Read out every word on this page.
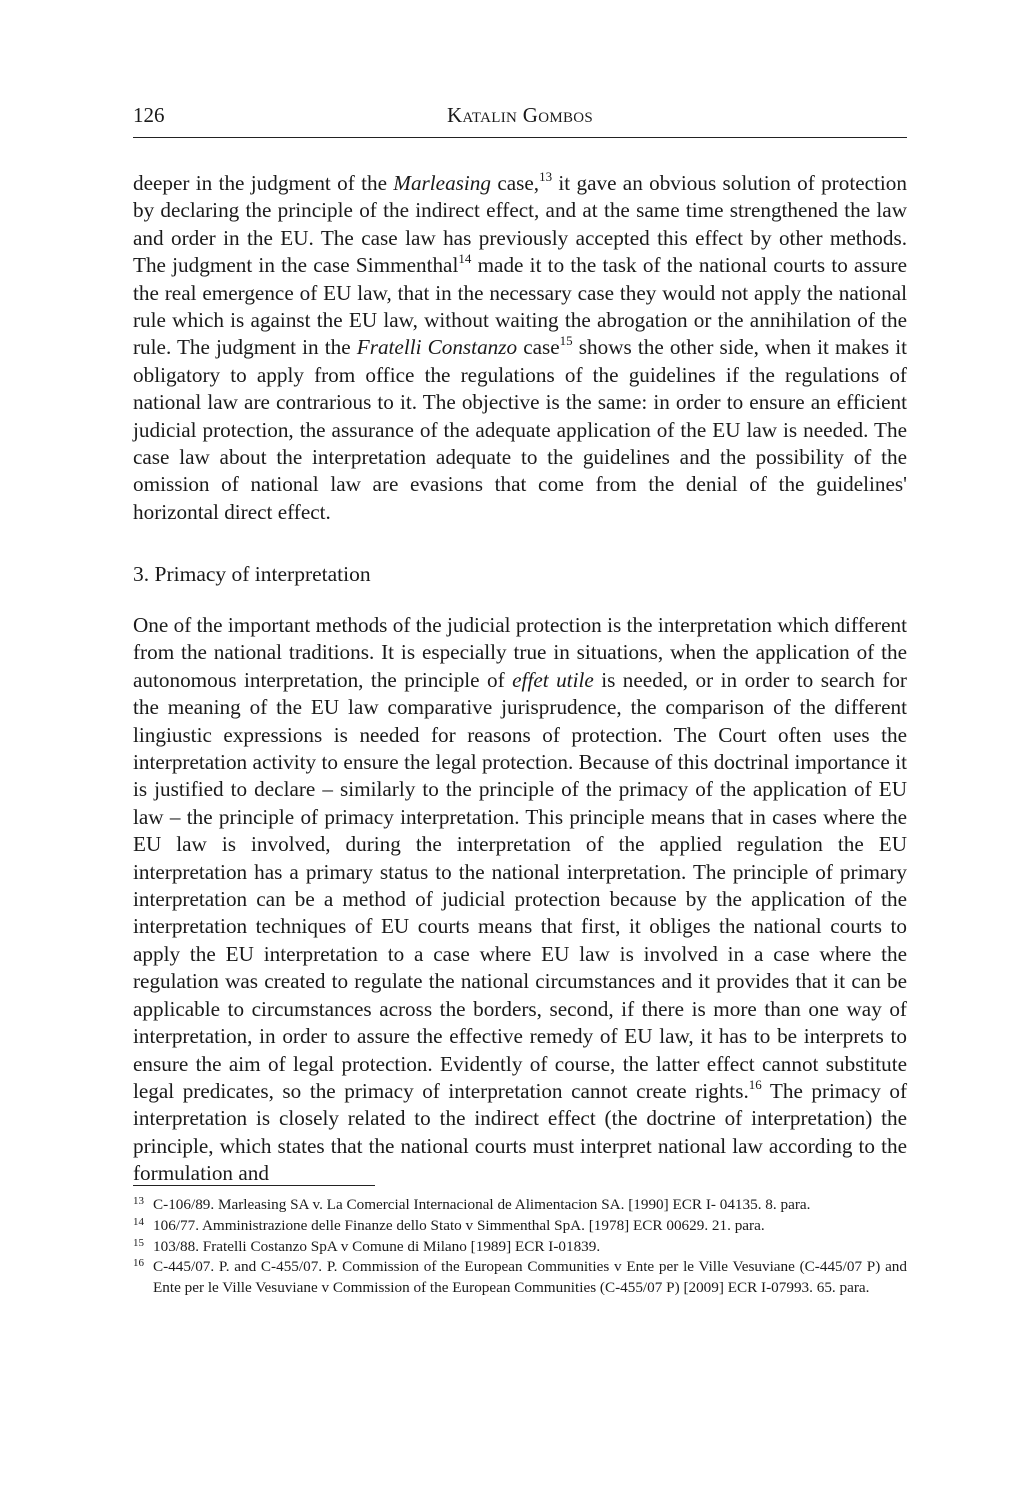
126	Katalin Gombos

deeper in the judgment of the Marleasing case,$^{13}$ it gave an obvious solution of protection by declaring the principle of the indirect effect, and at the same time strengthened the law and order in the EU. The case law has previously accepted this effect by other methods. The judgment in the case Simmenthal$^{14}$ made it to the task of the national courts to assure the real emergence of EU law, that in the necessary case they would not apply the national rule which is against the EU law, without waiting the abrogation or the annihilation of the rule. The judgment in the Fratelli Constanzo case$^{15}$ shows the other side, when it makes it obligatory to apply from office the regulations of the guidelines if the regulations of national law are contrarious to it. The objective is the same: in order to ensure an efficient judicial protection, the assurance of the adequate application of the EU law is needed. The case law about the interpretation adequate to the guidelines and the possibility of the omission of national law are evasions that come from the denial of the guidelines' horizontal direct effect.

3. Primacy of interpretation

One of the important methods of the judicial protection is the interpretation which different from the national traditions. It is especially true in situations, when the application of the autonomous interpretation, the principle of effet utile is needed, or in order to search for the meaning of the EU law comparative jurisprudence, the comparison of the different lingiustic expressions is needed for reasons of protection. The Court often uses the interpretation activity to ensure the legal protection. Because of this doctrinal importance it is justified to declare – similarly to the principle of the primacy of the application of EU law – the principle of primacy interpretation. This principle means that in cases where the EU law is involved, during the interpretation of the applied regulation the EU interpretation has a primary status to the national interpretation. The principle of primary interpretation can be a method of judicial protection because by the application of the interpretation techniques of EU courts means that first, it obliges the national courts to apply the EU interpretation to a case where EU law is involved in a case where the regulation was created to regulate the national circumstances and it provides that it can be applicable to circumstances across the borders, second, if there is more than one way of interpretation, in order to assure the effective remedy of EU law, it has to be interprets to ensure the aim of legal protection. Evidently of course, the latter effect cannot substitute legal predicates, so the primacy of interpretation cannot create rights.$^{16}$ The primacy of interpretation is closely related to the indirect effect (the doctrine of interpretation) the principle, which states that the national courts must interpret national law according to the formulation and

13 C-106/89. Marleasing SA v. La Comercial Internacional de Alimentacion SA. [1990] ECR I- 04135. 8. para.
14 106/77. Amministrazione delle Finanze dello Stato v Simmenthal SpA. [1978] ECR 00629. 21. para.
15 103/88. Fratelli Costanzo SpA v Comune di Milano [1989] ECR I-01839.
16 C-445/07. P. and C-455/07. P. Commission of the European Communities v Ente per le Ville Vesuviane (C-445/07 P) and Ente per le Ville Vesuviane v Commission of the European Communities (C-455/07 P) [2009] ECR I-07993. 65. para.
